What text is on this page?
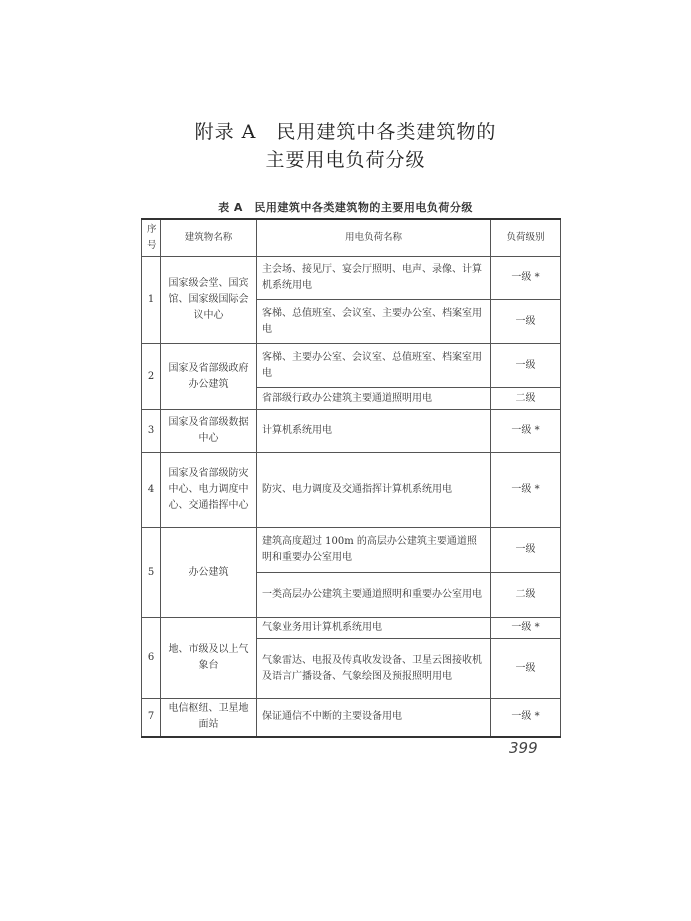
附录 A　民用建筑中各类建筑物的
主要用电负荷分级
表 A　民用建筑中各类建筑物的主要用电负荷分级
序号	建筑物名称	用电负荷名称	负荷级别
1	国家级会堂、国宾馆、国家级国际会议中心	主会场、接见厅、宴会厅照明、电声、录像、计算机系统用电	一级 *
		客梯、总值班室、会议室、主要办公室、档案室用电	一级
2	国家及省部级政府办公建筑	客梯、主要办公室、会议室、总值班室、档案室用电	一级
		省部级行政办公建筑主要通道照明用电	二级
3	国家及省部级数据中心	计算机系统用电	一级 *
4	国家及省部级防灾中心、电力调度中心、交通指挥中心	防灾、电力调度及交通指挥计算机系统用电	一级 *
5	办公建筑	建筑高度超过 100m 的高层办公建筑主要通道照明和重要办公室用电	一级
		一类高层办公建筑主要通道照明和重要办公室用电	二级
6	地、市级及以上气象台	气象业务用计算机系统用电	一级 *
		气象雷达、电报及传真收发设备、卫星云图接收机及语言广播设备、气象绘图及预报照明用电	一级
7	电信枢纽、卫星地面站	保证通信不中断的主要设备用电	一级 *
399
